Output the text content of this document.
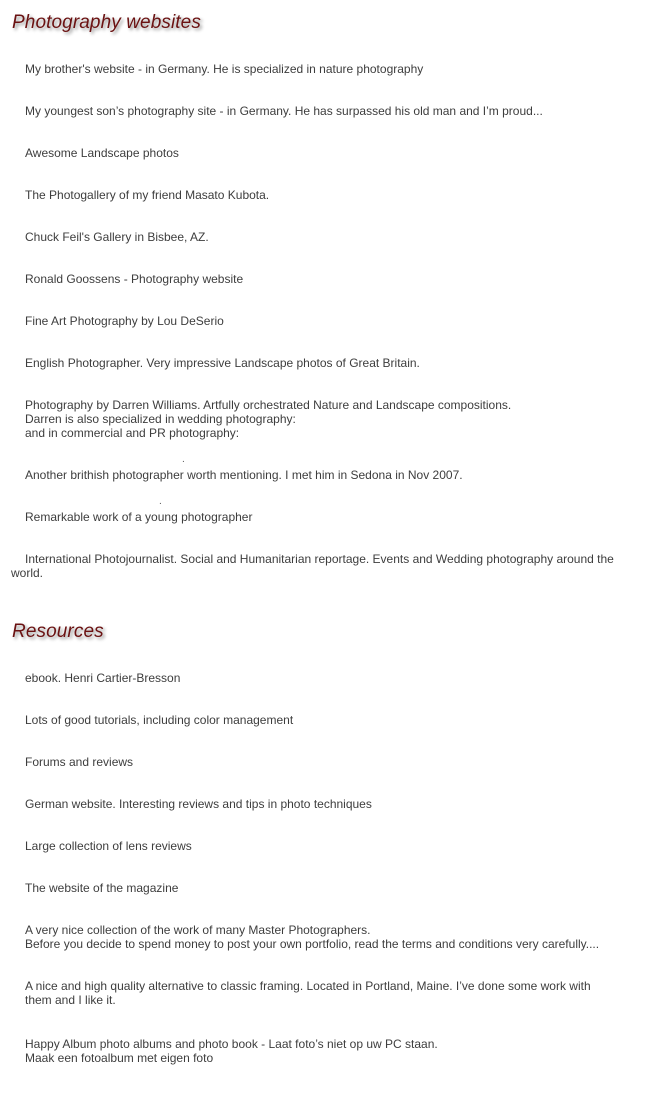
Photography websites
My brother's website - in Germany. He is specialized in nature photography
My youngest son’s photography site - in Germany. He has surpassed his old man and I’m proud...
Awesome Landscape photos
The Photogallery of my friend Masato Kubota.
Chuck Feil's Gallery in Bisbee, AZ.
Ronald Goossens - Photography website
Fine Art Photography by Lou DeSerio
English Photographer. Very impressive Landscape photos of Great Britain.
Photography by Darren Williams. Artfully orchestrated Nature and Landscape compositions.
Darren is also specialized in wedding photography:
and in commercial and PR photography:
Another brithish photographer worth mentioning. I met him in Sedona in Nov 2007.
Remarkable work of a young photographer
International Photojournalist. Social and Humanitarian reportage. Events and Wedding photography around the world.
.
.
Resources
ebook. Henri Cartier-Bresson
Lots of good tutorials, including color management
Forums and reviews
German website. Interesting reviews and tips in photo techniques
Large collection of lens reviews
The website of the magazine
A very nice collection of the work of many Master Photographers.
Before you decide to spend money to post your own portfolio, read the terms and conditions very carefully....
A nice and high quality alternative to classic framing. Located in Portland, Maine. I’ve done some work with them and I like it.
Happy Album photo albums and photo book - Laat foto’s niet op uw PC staan.
Maak een fotoalbum met eigen foto
